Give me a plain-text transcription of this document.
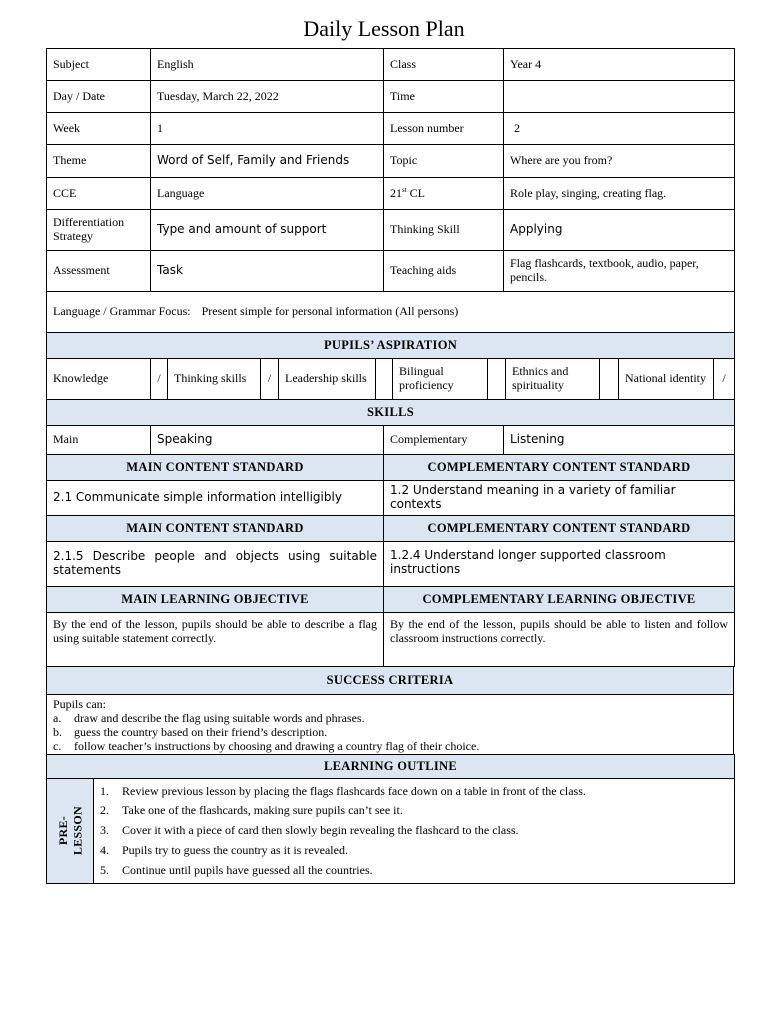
Daily Lesson Plan
Subject	English	Class	Year 4
Day / Date	Tuesday, March 22, 2022	Time	
Week	1	Lesson number	2
Theme	Word of Self, Family and Friends	Topic	Where are you from?
CCE	Language	21st CL	Role play, singing, creating flag.
Differentiation Strategy	Type and amount of support	Thinking Skill	Applying
Assessment	Task	Teaching aids	Flag flashcards, textbook, audio, paper, pencils.
Language / Grammar Focus: Present simple for personal information (All persons)			
PUPILS’ ASPIRATION
Knowledge	/	Thinking skills	/	Leadership skills		Bilingual proficiency		Ethnics and spirituality		National identity	/
SKILLS			
Main	Speaking	Complementary	Listening
MAIN CONTENT STANDARD		COMPLEMENTARY CONTENT STANDARD	
2.1 Communicate simple information intelligibly		1.2 Understand meaning in a variety of familiar contexts	
MAIN CONTENT STANDARD		COMPLEMENTARY CONTENT STANDARD	
2.1.5 Describe people and objects using suitable statements		1.2.4 Understand longer supported classroom instructions	
MAIN LEARNING OBJECTIVE		COMPLEMENTARY LEARNING OBJECTIVE	
By the end of the lesson, pupils should be able to describe a flag using suitable statement correctly.		By the end of the lesson, pupils should be able to listen and follow classroom instructions correctly.	
SUCCESS CRITERIA

Pupils can:
a.	draw and describe the flag using suitable words and phrases.
b.	guess the country based on their friend’s description.
c.	follow teacher’s instructions by choosing and drawing a country flag of their choice.
LEARNING OUTLINE

PRE- LESSON

1.	Review previous lesson by placing the flags flashcards face down on a table in front of the class.
2.	Take one of the flashcards, making sure pupils can’t see it.
3.	Cover it with a piece of card then slowly begin revealing the flashcard to the class.
4.	Pupils try to guess the country as it is revealed.
5.	Continue until pupils have guessed all the countries.
